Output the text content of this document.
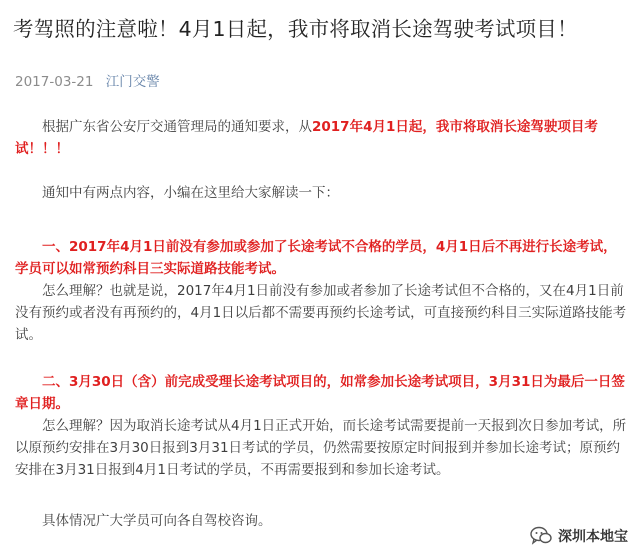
考驾照的注意啦！4月1日起，我市将取消长途驾驶考试项目！
2017-03-21 江门交警
根据广东省公安厅交通管理局的通知要求，从2017年4月1日起，我市将取消长途驾驶项目考试！！！
通知中有两点内容，小编在这里给大家解读一下：
一、2017年4月1日前没有参加或参加了长途考试不合格的学员，4月1日后不再进行长途考试，学员可以如常预约科目三实际道路技能考试。
怎么理解？也就是说，2017年4月1日前没有参加或者参加了长途考试但不合格的，又在4月1日前没有预约或者没有再预约的，4月1日以后都不需要再预约长途考试，可直接预约科目三实际道路技能考试。
二、3月30日（含）前完成受理长途考试项目的，如常参加长途考试项目，3月31日为最后一日签章日期。
怎么理解？因为取消长途考试从4月1日正式开始，而长途考试需要提前一天报到次日参加考试，所以原预约安排在3月30日报到3月31日考试的学员，仍然需要按原定时间报到并参加长途考试；原预约安排在3月31日报到4月1日考试的学员，不再需要报到和参加长途考试。
具体情况广大学员可向各自驾校咨询。
深圳本地宝
